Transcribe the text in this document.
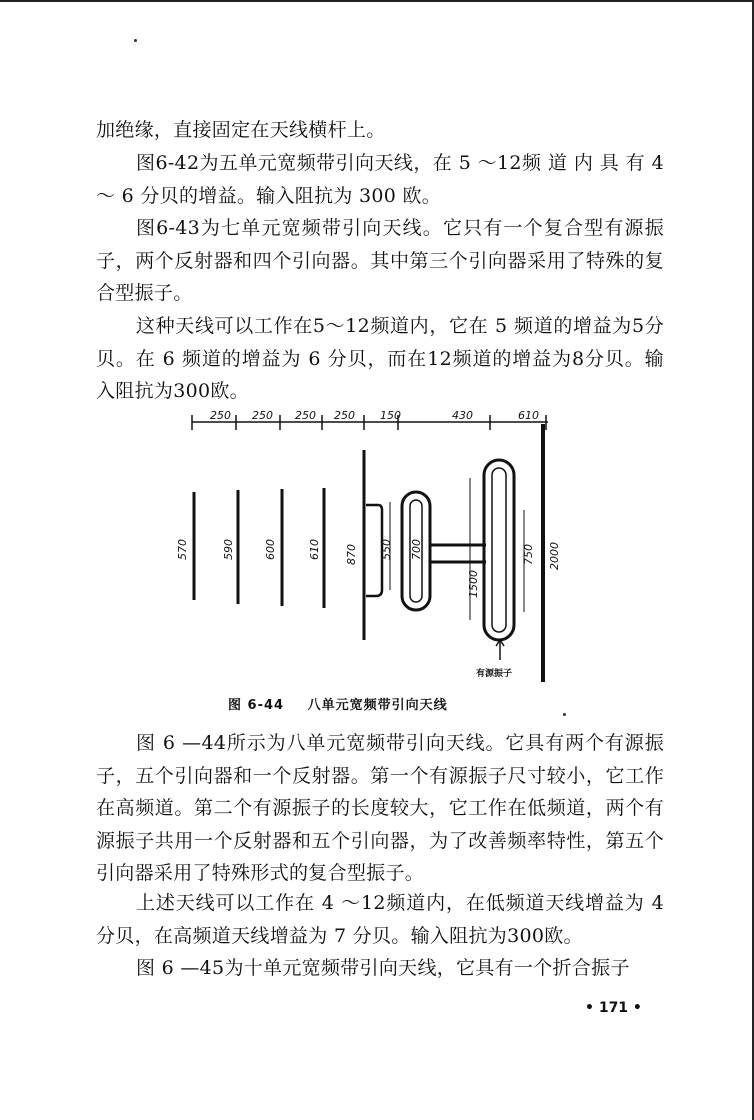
加绝缘，直接固定在天线横杆上。

图6-42为五单元宽频带引向天线，在 5 ～12频 道 内 具 有 4 ～ 6 分贝的增益。输入阻抗为 300 欧。

图6-43为七单元宽频带引向天线。它只有一个复合型有源振子，两个反射器和四个引向器。其中第三个引向器采用了特殊的复合型振子。

这种天线可以工作在5～12频道内，它在 5 频道的增益为5分贝。在 6 频道的增益为 6 分贝，而在12频道的增益为8分贝。输入阻抗为300欧。

250 250 250 250 150	430	610
570	590	600	610 870 550 700
1500
750 2000
有源振子
图 6-44 八单元宽频带引向天线

图 6 —44所示为八单元宽频带引向天线。它具有两个有源振子，五个引向器和一个反射器。第一个有源振子尺寸较小，它工作在高频道。第二个有源振子的长度较大，它工作在低频道，两个有源振子共用一个反射器和五个引向器，为了改善频率特性，第五个引向器采用了特殊形式的复合型振子。

上述天线可以工作在 4 ～12频道内，在低频道天线增益为 4 分贝，在高频道天线增益为 7 分贝。输入阻抗为300欧。

图 6 —45为十单元宽频带引向天线，它具有一个折合振子

• 171 •
